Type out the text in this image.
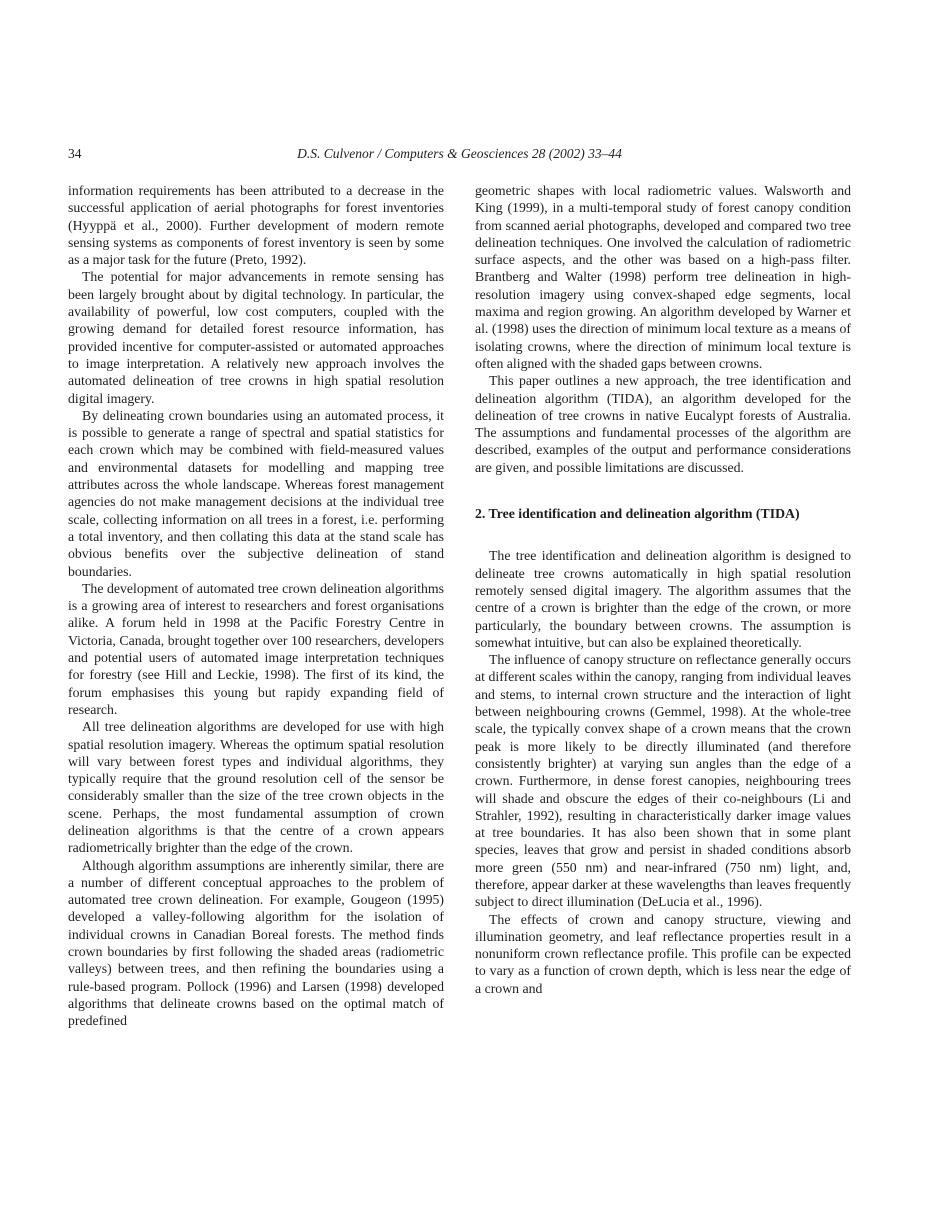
34	D.S. Culvenor / Computers & Geosciences 28 (2002) 33–44

information requirements has been attributed to a decrease in the successful application of aerial photographs for forest inventories (Hyyppä et al., 2000). Further development of modern remote sensing systems as components of forest inventory is seen by some as a major task for the future (Preto, 1992).

The potential for major advancements in remote sensing has been largely brought about by digital technology. In particular, the availability of powerful, low cost computers, coupled with the growing demand for detailed forest resource information, has provided incentive for computer-assisted or automated approaches to image interpretation. A relatively new approach involves the automated delineation of tree crowns in high spatial resolution digital imagery.

By delineating crown boundaries using an automated process, it is possible to generate a range of spectral and spatial statistics for each crown which may be combined with field-measured values and environmental datasets for modelling and mapping tree attributes across the whole landscape. Whereas forest management agencies do not make management decisions at the individual tree scale, collecting information on all trees in a forest, i.e. performing a total inventory, and then collating this data at the stand scale has obvious benefits over the subjective delineation of stand boundaries.

The development of automated tree crown delineation algorithms is a growing area of interest to researchers and forest organisations alike. A forum held in 1998 at the Pacific Forestry Centre in Victoria, Canada, brought together over 100 researchers, developers and potential users of automated image interpretation techniques for forestry (see Hill and Leckie, 1998). The first of its kind, the forum emphasises this young but rapidy expanding field of research.

All tree delineation algorithms are developed for use with high spatial resolution imagery. Whereas the optimum spatial resolution will vary between forest types and individual algorithms, they typically require that the ground resolution cell of the sensor be considerably smaller than the size of the tree crown objects in the scene. Perhaps, the most fundamental assumption of crown delineation algorithms is that the centre of a crown appears radiometrically brighter than the edge of the crown.

Although algorithm assumptions are inherently similar, there are a number of different conceptual approaches to the problem of automated tree crown delineation. For example, Gougeon (1995) developed a valley-following algorithm for the isolation of individual crowns in Canadian Boreal forests. The method finds crown boundaries by first following the shaded areas (radiometric valleys) between trees, and then refining the boundaries using a rule-based program. Pollock (1996) and Larsen (1998) developed algorithms that delineate crowns based on the optimal match of predefined

geometric shapes with local radiometric values. Walsworth and King (1999), in a multi-temporal study of forest canopy condition from scanned aerial photographs, developed and compared two tree delineation techniques. One involved the calculation of radiometric surface aspects, and the other was based on a high-pass filter. Brantberg and Walter (1998) perform tree delineation in high-resolution imagery using convex-shaped edge segments, local maxima and region growing. An algorithm developed by Warner et al. (1998) uses the direction of minimum local texture as a means of isolating crowns, where the direction of minimum local texture is often aligned with the shaded gaps between crowns.

This paper outlines a new approach, the tree identification and delineation algorithm (TIDA), an algorithm developed for the delineation of tree crowns in native Eucalypt forests of Australia. The assumptions and fundamental processes of the algorithm are described, examples of the output and performance considerations are given, and possible limitations are discussed.

2. Tree identification and delineation algorithm (TIDA)

The tree identification and delineation algorithm is designed to delineate tree crowns automatically in high spatial resolution remotely sensed digital imagery. The algorithm assumes that the centre of a crown is brighter than the edge of the crown, or more particularly, the boundary between crowns. The assumption is somewhat intuitive, but can also be explained theoretically.

The influence of canopy structure on reflectance generally occurs at different scales within the canopy, ranging from individual leaves and stems, to internal crown structure and the interaction of light between neighbouring crowns (Gemmel, 1998). At the whole-tree scale, the typically convex shape of a crown means that the crown peak is more likely to be directly illuminated (and therefore consistently brighter) at varying sun angles than the edge of a crown. Furthermore, in dense forest canopies, neighbouring trees will shade and obscure the edges of their co-neighbours (Li and Strahler, 1992), resulting in characteristically darker image values at tree boundaries. It has also been shown that in some plant species, leaves that grow and persist in shaded conditions absorb more green (550 nm) and near-infrared (750 nm) light, and, therefore, appear darker at these wavelengths than leaves frequently subject to direct illumination (DeLucia et al., 1996).

The effects of crown and canopy structure, viewing and illumination geometry, and leaf reflectance properties result in a nonuniform crown reflectance profile. This profile can be expected to vary as a function of crown depth, which is less near the edge of a crown and
